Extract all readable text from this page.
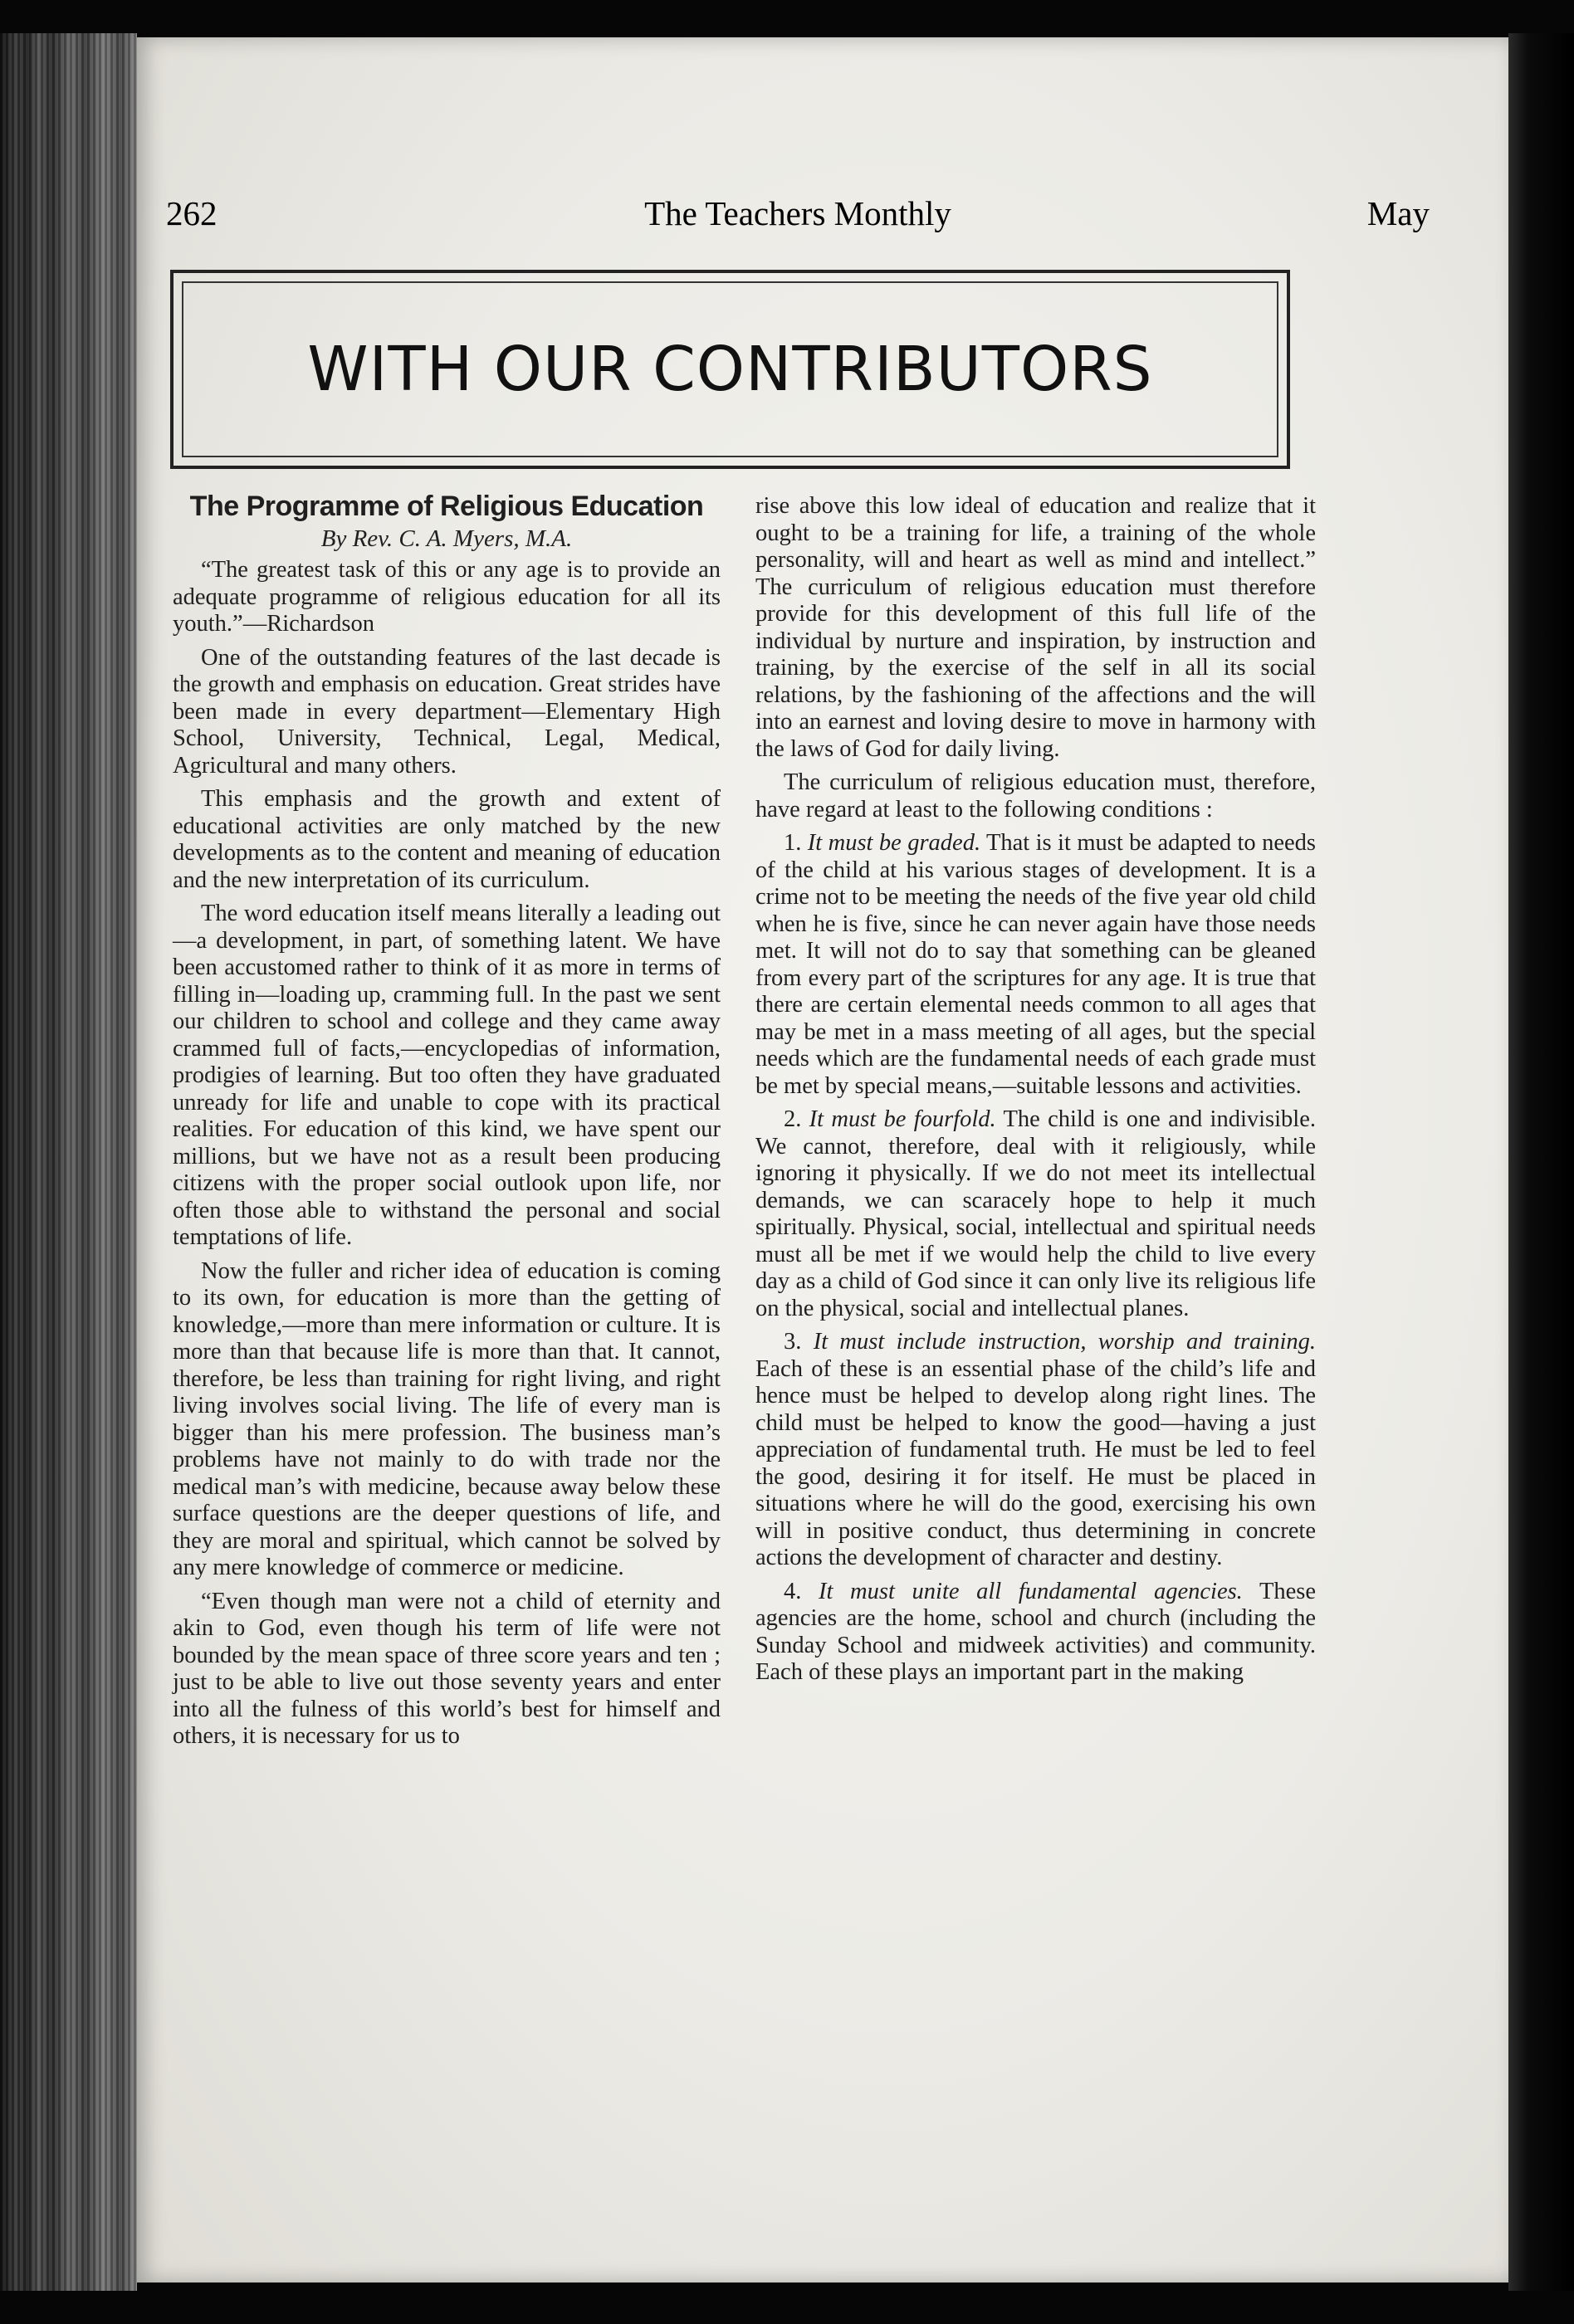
262	The Teachers Monthly	May
WITH OUR CONTRIBUTORS
The Programme of Religious Education
By Rev. C. A. Myers, M.A.

“The greatest task of this or any age is to provide an adequate programme of religious education for all its youth.”—Richardson

One of the outstanding features of the last decade is the growth and emphasis on education. Great strides have been made in every department—Elementary High School, University, Technical, Legal, Medical, Agricultural and many others.

This emphasis and the growth and extent of educational activities are only matched by the new developments as to the content and meaning of education and the new interpretation of its curriculum.

The word education itself means literally a leading out—a development, in part, of something latent. We have been accustomed rather to think of it as more in terms of filling in—loading up, cramming full. In the past we sent our children to school and college and they came away crammed full of facts,—encyclopedias of information, prodigies of learning. But too often they have graduated unready for life and unable to cope with its practical realities. For education of this kind, we have spent our millions, but we have not as a result been producing citizens with the proper social outlook upon life, nor often those able to withstand the personal and social temptations of life.

Now the fuller and richer idea of education is coming to its own, for education is more than the getting of knowledge,—more than mere information or culture. It is more than that because life is more than that. It cannot, therefore, be less than training for right living, and right living involves social living. The life of every man is bigger than his mere profession. The business man’s problems have not mainly to do with trade nor the medical man’s with medicine, because away below these surface questions are the deeper questions of life, and they are moral and spiritual, which cannot be solved by any mere knowledge of commerce or medicine.

“Even though man were not a child of eternity and akin to God, even though his term of life were not bounded by the mean space of three score years and ten ; just to be able to live out those seventy years and enter into all the fulness of this world’s best for himself and others, it is necessary for us to

rise above this low ideal of education and realize that it ought to be a training for life, a training of the whole personality, will and heart as well as mind and intellect.” The curriculum of religious education must therefore provide for this development of this full life of the individual by nurture and inspiration, by instruction and training, by the exercise of the self in all its social relations, by the fashioning of the affections and the will into an earnest and loving desire to move in harmony with the laws of God for daily living.

The curriculum of religious education must, therefore, have regard at least to the following conditions :

1. It must be graded. That is it must be adapted to needs of the child at his various stages of development. It is a crime not to be meeting the needs of the five year old child when he is five, since he can never again have those needs met. It will not do to say that something can be gleaned from every part of the scriptures for any age. It is true that there are certain elemental needs common to all ages that may be met in a mass meeting of all ages, but the special needs which are the fundamental needs of each grade must be met by special means,—suitable lessons and activities.

2. It must be fourfold. The child is one and indivisible. We cannot, therefore, deal with it religiously, while ignoring it physically. If we do not meet its intellectual demands, we can scaracely hope to help it much spiritually. Physical, social, intellectual and spiritual needs must all be met if we would help the child to live every day as a child of God since it can only live its religious life on the physical, social and intellectual planes.

3. It must include instruction, worship and training. Each of these is an essential phase of the child’s life and hence must be helped to develop along right lines. The child must be helped to know the good—having a just appreciation of fundamental truth. He must be led to feel the good, desiring it for itself. He must be placed in situations where he will do the good, exercising his own will in positive conduct, thus determining in concrete actions the development of character and destiny.

4. It must unite all fundamental agencies. These agencies are the home, school and church (including the Sunday School and midweek activities) and community. Each of these plays an important part in the making
